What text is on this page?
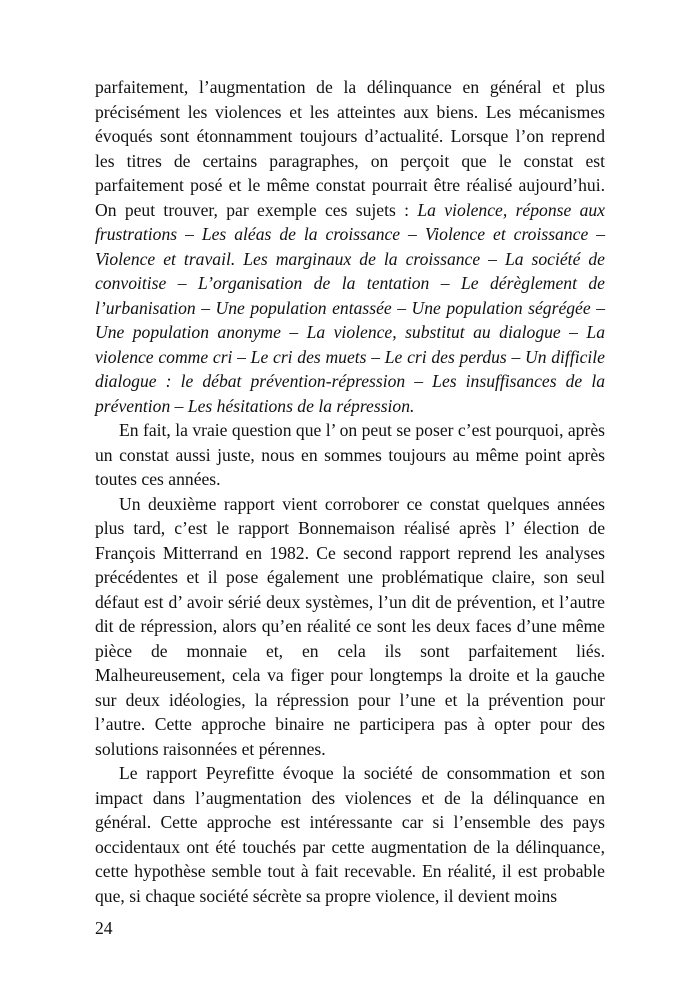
parfaitement, l’augmentation de la délinquance en général et plus précisément les violences et les atteintes aux biens. Les mécanismes évoqués sont étonnamment toujours d’actualité. Lorsque l’on reprend les titres de certains paragraphes, on perçoit que le constat est parfaitement posé et le même constat pourrait être réalisé aujourd’hui. On peut trouver, par exemple ces sujets : La violence, réponse aux frustrations – Les aléas de la croissance – Violence et croissance – Violence et travail. Les marginaux de la croissance – La société de convoitise – L’organisation de la tentation – Le dérèglement de l’urbanisation – Une population entassée – Une population ségrégée – Une population anonyme – La violence, substitut au dialogue – La violence comme cri – Le cri des muets – Le cri des perdus – Un difficile dialogue : le débat prévention-répression – Les insuffisances de la prévention – Les hésitations de la répression.

En fait, la vraie question que l’ on peut se poser c’est pourquoi, après un constat aussi juste, nous en sommes toujours au même point après toutes ces années.

Un deuxième rapport vient corroborer ce constat quelques années plus tard, c’est le rapport Bonnemaison réalisé après l’ élection de François Mitterrand en 1982. Ce second rapport reprend les analyses précédentes et il pose également une problématique claire, son seul défaut est d’ avoir sérié deux systèmes, l’un dit de prévention, et l’autre dit de répression, alors qu’en réalité ce sont les deux faces d’une même pièce de monnaie et, en cela ils sont parfaitement liés. Malheureusement, cela va figer pour longtemps la droite et la gauche sur deux idéologies, la répression pour l’une et la prévention pour l’autre. Cette approche binaire ne participera pas à opter pour des solutions raisonnées et pérennes.

Le rapport Peyrefitte évoque la société de consommation et son impact dans l’augmentation des violences et de la délinquance en général. Cette approche est intéressante car si l’ensemble des pays occidentaux ont été touchés par cette augmentation de la délinquance, cette hypothèse semble tout à fait recevable. En réalité, il est probable que, si chaque société sécrète sa propre violence, il devient moins

24
